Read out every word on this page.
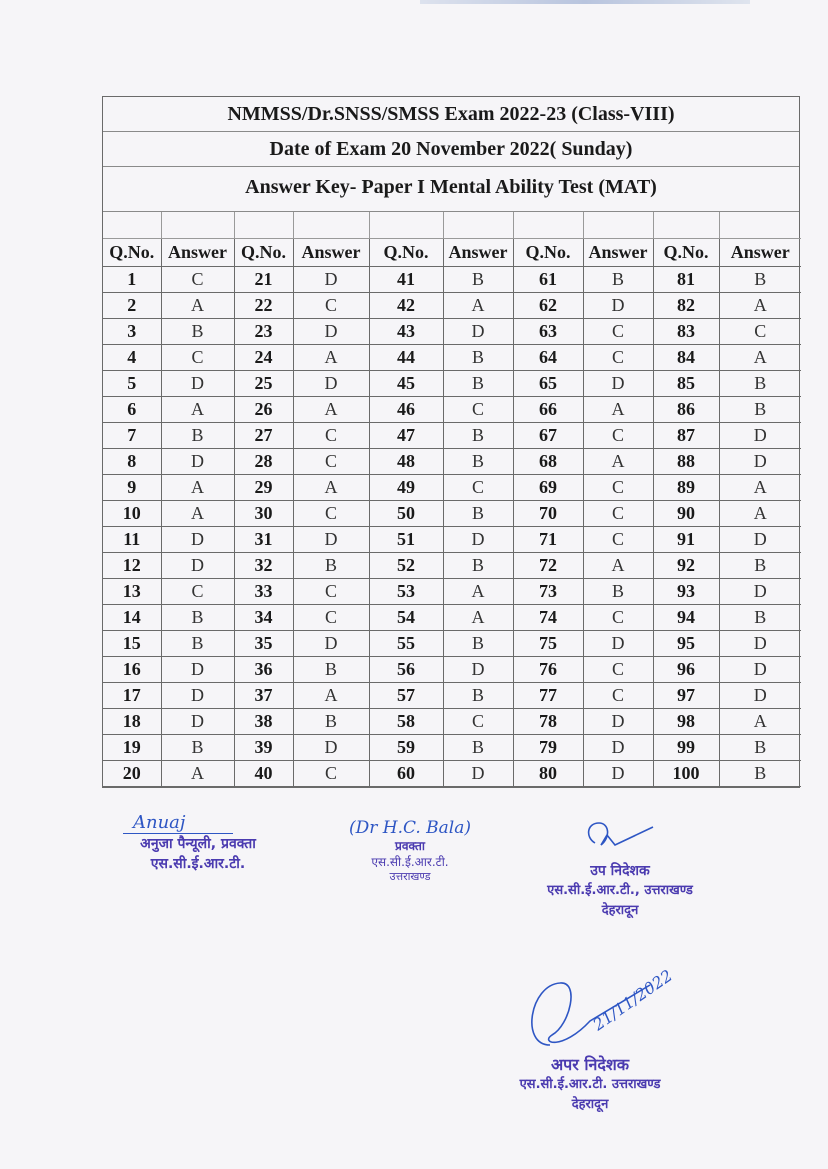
NMMSS/Dr.SNSS/SMSS Exam 2022-23 (Class-VIII)
Date of Exam 20 November 2022( Sunday)
Answer Key- Paper I Mental Ability Test (MAT)

Q.No.	Answer	Q.No.	Answer	Q.No.	Answer	Q.No.	Answer	Q.No.	Answer
1	C	21	D	41	B	61	B	81	B
2	A	22	C	42	A	62	D	82	A
3	B	23	D	43	D	63	C	83	C
4	C	24	A	44	B	64	C	84	A
5	D	25	D	45	B	65	D	85	B
6	A	26	A	46	C	66	A	86	B
7	B	27	C	47	B	67	C	87	D
8	D	28	C	48	B	68	A	88	D
9	A	29	A	49	C	69	C	89	A
10	A	30	C	50	B	70	C	90	A
11	D	31	D	51	D	71	C	91	D
12	D	32	B	52	B	72	A	92	B
13	C	33	C	53	A	73	B	93	D
14	B	34	C	54	A	74	C	94	B
15	B	35	D	55	B	75	D	95	D
16	D	36	B	56	D	76	C	96	D
17	D	37	A	57	B	77	C	97	D
18	D	38	B	58	C	78	D	98	A
19	B	39	D	59	B	79	D	99	B
20	A	40	C	60	D	80	D	100	B
Anuaj
अनुजा पैन्यूली, प्रवक्ता
एस.सी.ई.आर.टी.
(Dr H.C. Bala)
प्रवक्ता
एस.सी.ई.आर.टी.
उत्तराखण्ड	उप निदेशक
एस.सी.ई.आर.टी., उत्तराखण्ड
देहरादून
21/11/2022
अपर निदेशक
एस.सी.ई.आर.टी. उत्तराखण्ड
देहरादून
